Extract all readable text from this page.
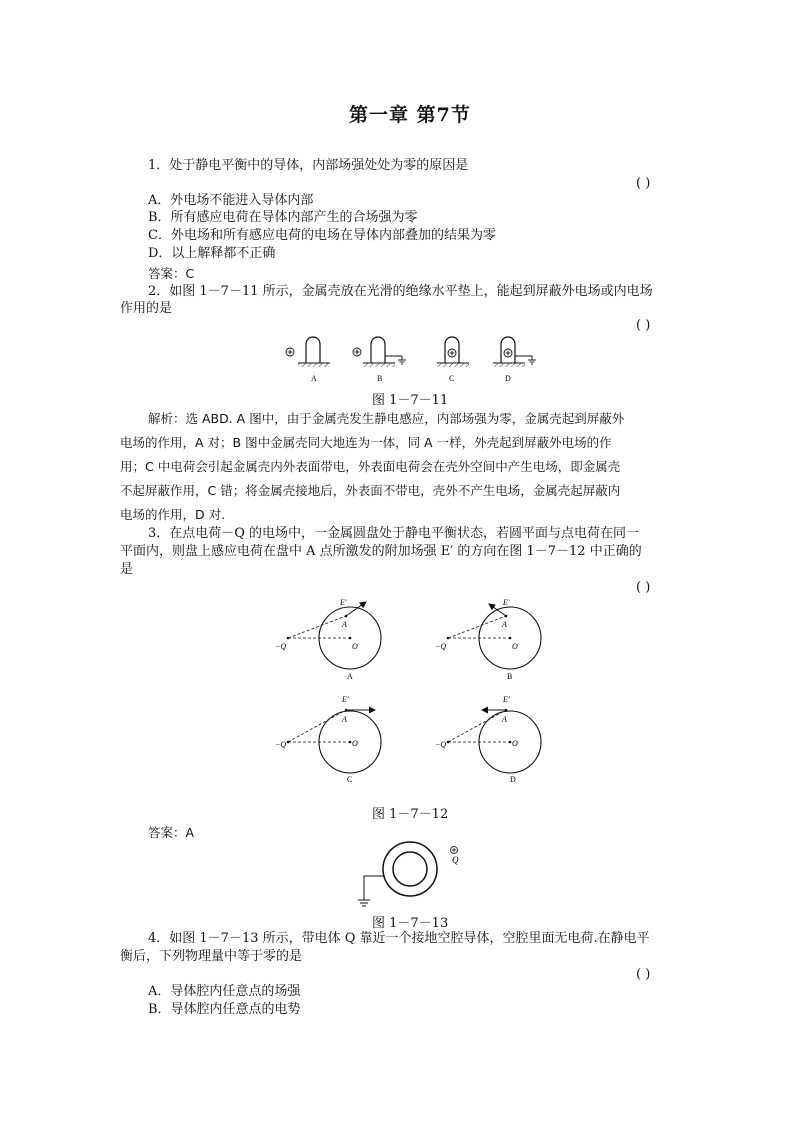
第一章 第7节
1．处于静电平衡中的导体，内部场强处处为零的原因是
( )
A．外电场不能进入导体内部
B．所有感应电荷在导体内部产生的合场强为零
C．外电场和所有感应电荷的电场在导体内部叠加的结果为零
D．以上解释都不正确
答案：C
2．如图 1－7－11 所示，金属壳放在光滑的绝缘水平垫上，能起到屏蔽外电场或内电场
作用的是
( )
A	B	C	D
图 1－7－11
解析：选 ABD. A 图中，由于金属壳发生静电感应，内部场强为零，金属壳起到屏蔽外
电场的作用，A 对；B 图中金属壳同大地连为一体，同 A 一样，外壳起到屏蔽外电场的作
用；C 中电荷会引起金属壳内外表面带电，外表面电荷会在壳外空间中产生电场，即金属壳
不起屏蔽作用，C 错；将金属壳接地后，外表面不带电，壳外不产生电场，金属壳起屏蔽内
电场的作用，D 对.
3．在点电荷－Q 的电场中，一金属圆盘处于静电平衡状态，若圆平面与点电荷在同一
平面内，则盘上感应电荷在盘中 A 点所激发的附加场强 E′ 的方向在图 1－7－12 中正确的
是
( )
E′
A
O
−Q
A
E′
A
O
−Q
B
E′
A
O
−Q
C
E′
A
O
−Q
D
图 1－7－12
答案：A
Q
图 1－7－13
4．如图 1－7－13 所示，带电体 Q 靠近一个接地空腔导体，空腔里面无电荷.在静电平
衡后，下列物理量中等于零的是
( )
A．导体腔内任意点的场强
B．导体腔内任意点的电势
